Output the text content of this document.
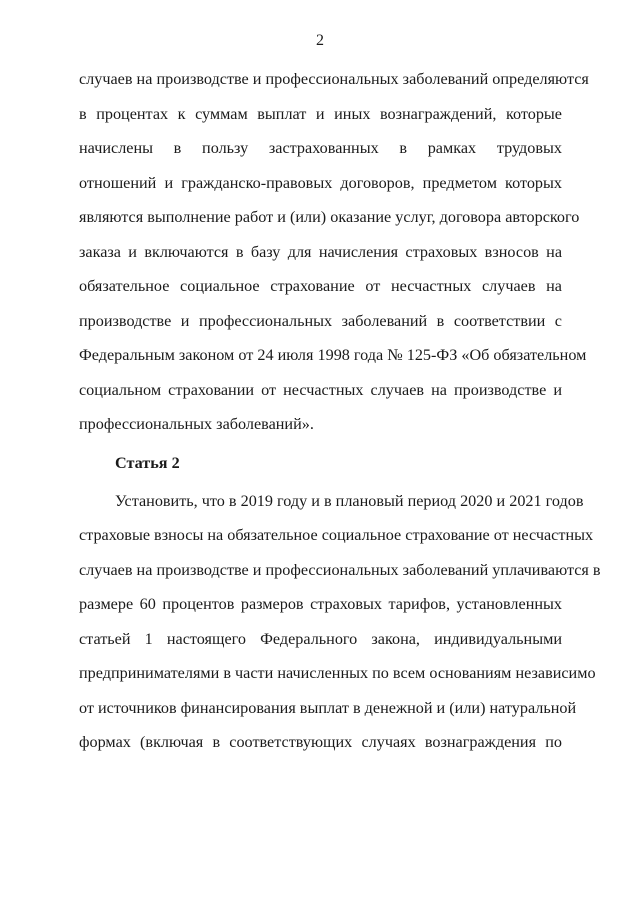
2
случаев на производстве и профессиональных заболеваний определяются
в процентах к суммам выплат и иных вознаграждений, которые
начислены в пользу застрахованных в рамках трудовых
отношений и гражданско-правовых договоров, предметом которых
являются выполнение работ и (или) оказание услуг, договора авторского
заказа и включаются в базу для начисления страховых взносов на
обязательное социальное страхование от несчастных случаев на
производстве и профессиональных заболеваний в соответствии с
Федеральным законом от 24 июля 1998 года № 125-ФЗ «Об обязательном
социальном страховании от несчастных случаев на производстве и
профессиональных заболеваний».
Статья 2
Установить, что в 2019 году и в плановый период 2020 и 2021 годов
страховые взносы на обязательное социальное страхование от несчастных
случаев на производстве и профессиональных заболеваний уплачиваются в
размере 60 процентов размеров страховых тарифов, установленных
статьей 1 настоящего Федерального закона, индивидуальными
предпринимателями в части начисленных по всем основаниям независимо
от источников финансирования выплат в денежной и (или) натуральной
формах (включая в соответствующих случаях вознаграждения по
